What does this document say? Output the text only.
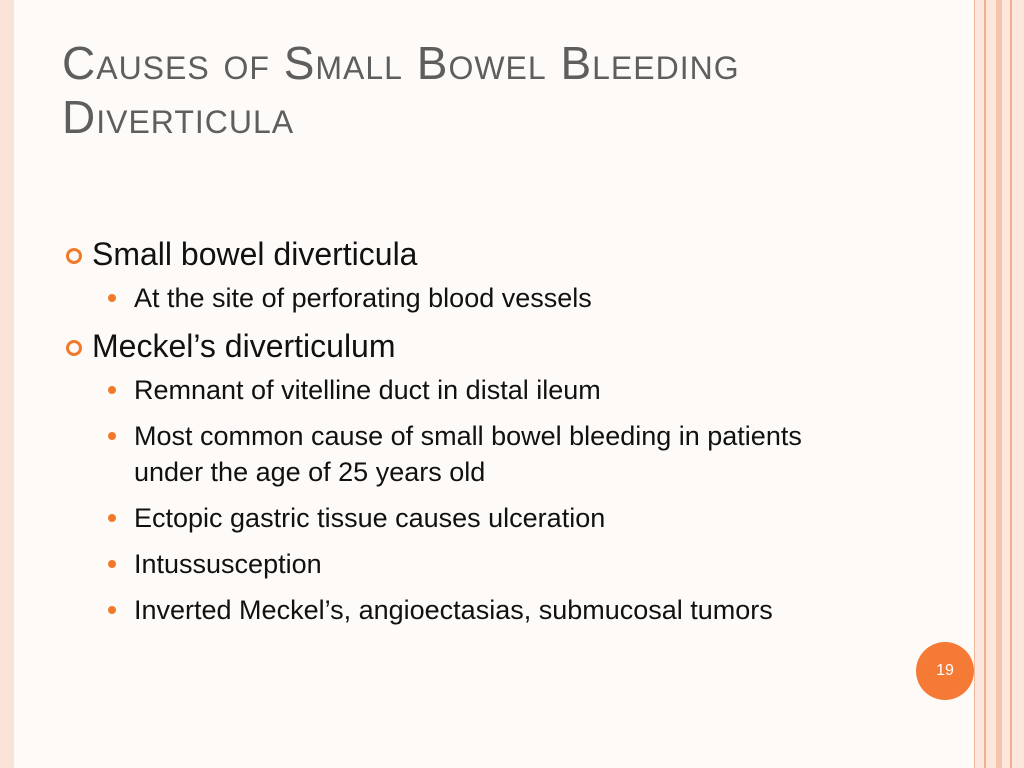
Causes of Small Bowel Bleeding
Diverticula
Small bowel diverticula
At the site of perforating blood vessels
Meckel’s diverticulum
Remnant of vitelline duct in distal ileum
Most common cause of small bowel bleeding in patients under the age of 25 years old
Ectopic gastric tissue causes ulceration
Intussusception
Inverted Meckel’s, angioectasias, submucosal tumors
19
